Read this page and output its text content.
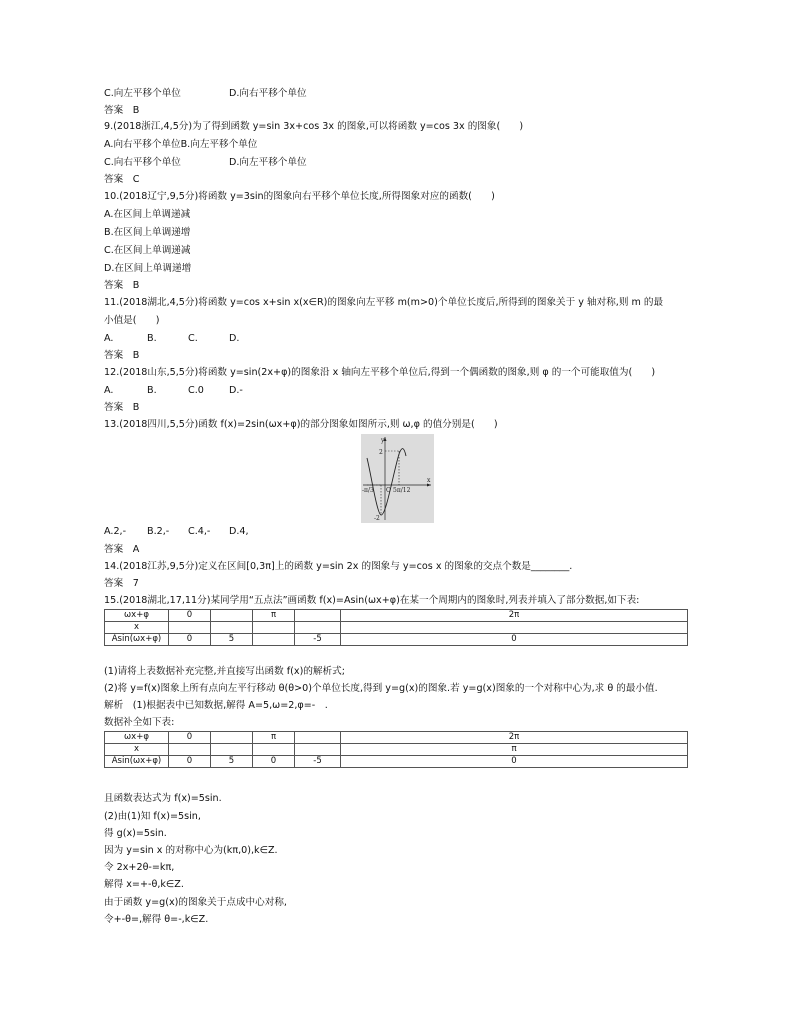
C.向左平移个单位	D.向右平移个单位
答案　B
9.(2018浙江,4,5分)为了得到函数 y=sin 3x+cos 3x 的图象,可以将函数 y=cos 3x 的图象(　　)
A.向右平移个单位B.向左平移个单位
C.向右平移个单位	D.向左平移个单位
答案　C
10.(2018辽宁,9,5分)将函数 y=3sin的图象向右平移个单位长度,所得图象对应的函数(　　)
A.在区间上单调递减
B.在区间上单调递增
C.在区间上单调递减
D.在区间上单调递增
答案　B
11.(2018湖北,4,5分)将函数 y=cos x+sin x(x∈R)的图象向左平移 m(m>0)个单位长度后,所得到的图象关于 y 轴对称,则 m 的最
小值是(　　)
A.	B.	C.	D.
答案　B
12.(2018山东,5,5分)将函数 y=sin(2x+φ)的图象沿 x 轴向左平移个单位后,得到一个偶函数的图象,则 φ 的一个可能取值为(　　)
A.	B.	C.0	D.-
答案　B
13.(2018四川,5,5分)函数 f(x)=2sin(ωx+φ)的部分图象如图所示,则 ω,φ 的值分别是(　　)
y
x
O
2
-2
-π/3	5π/12
A.2,- B.2,- C.4,- D.4,
答案　A
14.(2018江苏,9,5分)定义在区间[0,3π]上的函数 y=sin 2x 的图象与 y=cos x 的图象的交点个数是________.
答案　7
15.(2018湖北,17,11分)某同学用“五点法”画函数 f(x)=Asin(ωx+φ)在某一个周期内的图象时,列表并填入了部分数据,如下表:
ωx+φ	0		π		2π
x					
Asin(ωx+φ)	0	5		-5	0
(1)请将上表数据补充完整,并直接写出函数 f(x)的解析式;
(2)将 y=f(x)图象上所有点向左平行移动 θ(θ>0)个单位长度,得到 y=g(x)的图象.若 y=g(x)图象的一个对称中心为,求 θ 的最小值.
解析　(1)根据表中已知数据,解得 A=5,ω=2,φ=-　.
数据补全如下表:
ωx+φ	0		π		2π
x					π
Asin(ωx+φ)	0	5	0	-5	0
且函数表达式为 f(x)=5sin.
(2)由(1)知 f(x)=5sin,
得 g(x)=5sin.
因为 y=sin x 的对称中心为(kπ,0),k∈Z.
令 2x+2θ-=kπ,
解得 x=+-θ,k∈Z.
由于函数 y=g(x)的图象关于点成中心对称,
令+-θ=,解得 θ=-,k∈Z.
